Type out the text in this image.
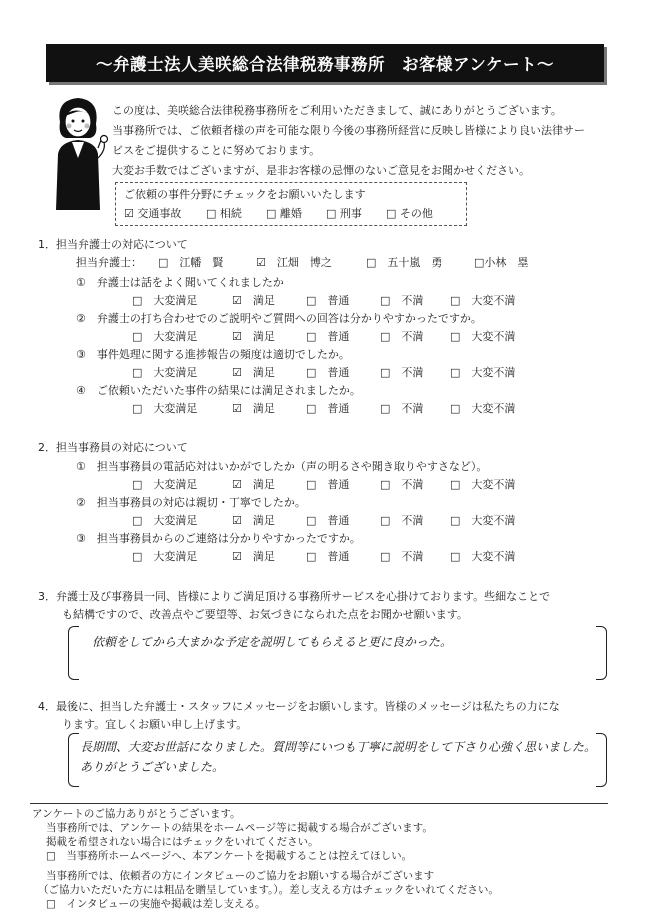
～弁護士法人美咲総合法律税務事務所　お客様アンケート～
この度は、美咲総合法律税務事務所をご利用いただきまして、誠にありがとうございます。
当事務所では、ご依頼者様の声を可能な限り今後の事務所経営に反映し皆様により良い法律サー
ビスをご提供することに努めております。
大変お手数ではございますが、是非お客様の忌憚のないご意見をお聞かせください。
ご依頼の事件分野にチェックをお願いいたします
☑ 交通事故 □ 相続 □ 離婚 □ 刑事 □ その他
1．担当弁護士の対応について
担当弁護士： □　 江幡　賢	☑　 江畑　博之	□　 五十嵐　勇	□小林　塁
①　 弁護士は話をよく聞いてくれましたか
□　 大変満足	☑　 満足	□　 普通	□　 不満 □　 大変不満
②　 弁護士の打ち合わせでのご説明やご質問への回答は分かりやすかったですか。
□　 大変満足	☑　 満足	□　 普通	□　 不満 □　 大変不満
③　 事件処理に関する進捗報告の頻度は適切でしたか。
□　 大変満足	☑　 満足	□　 普通	□　 不満 □　 大変不満
④　 ご依頼いただいた事件の結果には満足されましたか。
□　 大変満足	☑　 満足	□　 普通	□　 不満 □　 大変不満
2．担当事務員の対応について
①　 担当事務員の電話応対はいかがでしたか（声の明るさや聞き取りやすさなど）。
□　 大変満足	☑　 満足	□　 普通	□　 不満 □　 大変不満
②　 担当事務員の対応は親切・丁寧でしたか。
□　 大変満足	☑　 満足	□　 普通	□　 不満 □　 大変不満
③　 担当事務員からのご連絡は分かりやすかったですか。
□　 大変満足	☑　 満足	□　 普通	□　 不満 □　 大変不満
3．弁護士及び事務員一同、皆様によりご満足頂ける事務所サービスを心掛けております。些細なことで
も結構ですので、改善点やご要望等、お気づきになられた点をお聞かせ願います。
依頼をしてから大まかな予定を説明してもらえると更に良かった。
4．最後に、担当した弁護士・スタッフにメッセージをお願いします。皆様のメッセージは私たちの力にな
ります。宜しくお願い申し上げます。
長期間、大変お世話になりました。質問等にいつも丁寧に説明をして下さり心強く思いました。
ありがとうございました。
アンケートのご協力ありがとうございます。
当事務所では、アンケートの結果をホームページ等に掲載する場合がございます。
掲載を希望されない場合にはチェックをいれてください。
□　当事務所ホームページへ、本アンケートを掲載することは控えてほしい。
当事務所では、依頼者の方にインタビューのご協力をお願いする場合がございます
（ご協力いただいた方には粗品を贈呈しています。）。差し支える方はチェックをいれてください。
□　インタビューの実施や掲載は差し支える。
